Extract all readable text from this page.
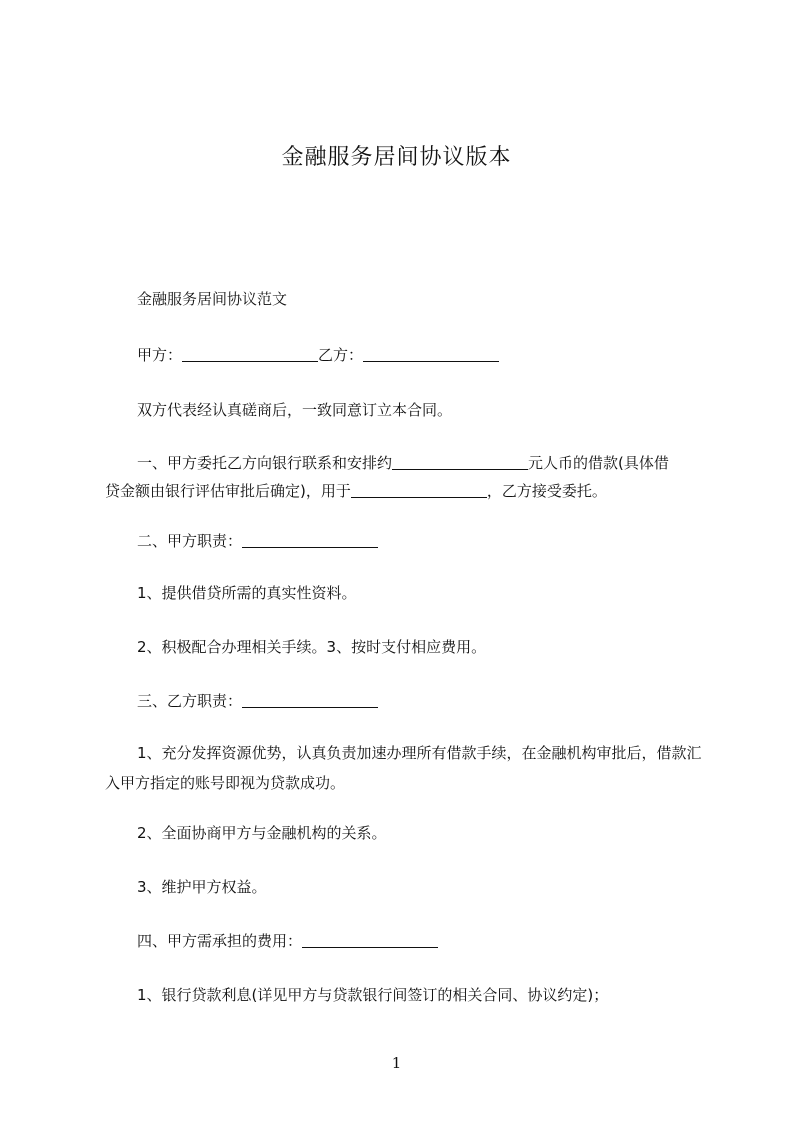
金融服务居间协议版本
金融服务居间协议范文
甲方：	乙方：
双方代表经认真磋商后，一致同意订立本合同。
一、甲方委托乙方向银行联系和安排约	元人币的借款(具体借
贷金额由银行评估审批后确定)，用于	，乙方接受委托。
二、甲方职责：
1、提供借贷所需的真实性资料。
2、积极配合办理相关手续。3、按时支付相应费用。
三、乙方职责：
1、充分发挥资源优势，认真负责加速办理所有借款手续，在金融机构审批后，借款汇入甲方指定的账号即视为贷款成功。
2、全面协商甲方与金融机构的关系。
3、维护甲方权益。
四、甲方需承担的费用：
1、银行贷款利息(详见甲方与贷款银行间签订的相关合同、协议约定)；
1
